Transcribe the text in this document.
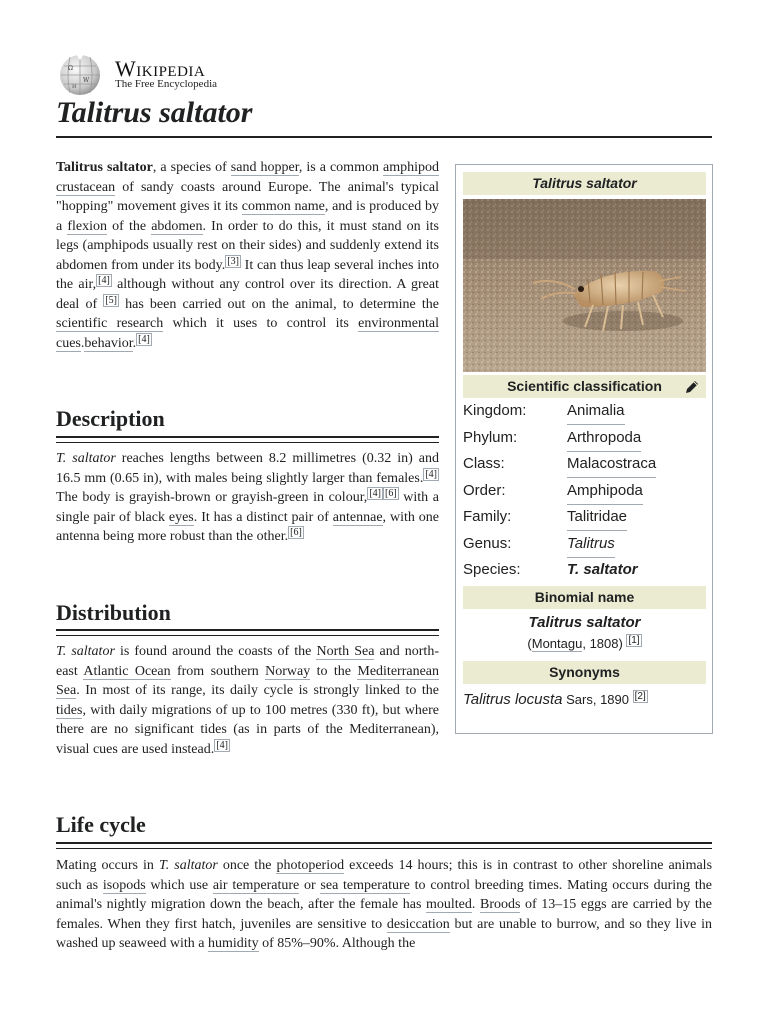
Ω
W
И
Wikipedia
The Free Encyclopedia
Talitrus saltator

Talitrus saltator, a species of sand hopper, is a common amphipod crustacean of sandy coasts around Europe. The animal's typical "hopping" movement gives it its common name, and is produced by a flexion of the abdomen. In order to do this, it must stand on its legs (amphipods usually rest on their sides) and suddenly extend its abdomen from under its body. [3] It can thus leap several inches into the air, [4] although without any control over its direction. A great deal of [5] has been carried out on the animal, to determine the scientific research which it uses to control its environmental cues.behavior. [4]

Description

T. saltator reaches lengths between 8.2 millimetres (0.32 in) and 16.5 mm (0.65 in), with males being slightly larger than females. [4] The body is grayish-brown or grayish-green in colour, [4] [6] with a single pair of black eyes. It has a distinct pair of antennae, with one antenna being more robust than the other. [6]

Distribution

T. saltator is found around the coasts of the North Sea and north-east Atlantic Ocean from southern Norway to the Mediterranean Sea. In most of its range, its daily cycle is strongly linked to the tides, with daily migrations of up to 100 metres (330 ft), but where there are no significant tides (as in parts of the Mediterranean), visual cues are used instead. [4]

Life cycle

Mating occurs in T. saltator once the photoperiod exceeds 14 hours; this is in contrast to other shoreline animals such as isopods which use air temperature or sea temperature to control breeding times. Mating occurs during the animal's nightly migration down the beach, after the female has moulted. Broods of 13–15 eggs are carried by the females. When they first hatch, juveniles are sensitive to desiccation but are unable to burrow, and so they live in washed up seaweed with a humidity of 85%–90%. Although the

Talitrus saltator
Scientific classification
Kingdom:	Animalia
Phylum:	Arthropoda
Class:	Malacostraca
Order:	Amphipoda
Family:	Talitridae
Genus:	Talitrus
Species:	T. saltator
Binomial name
Talitrus saltator
(Montagu, 1808) [1]
Synonyms
Talitrus locusta Sars, 1890 [2]
